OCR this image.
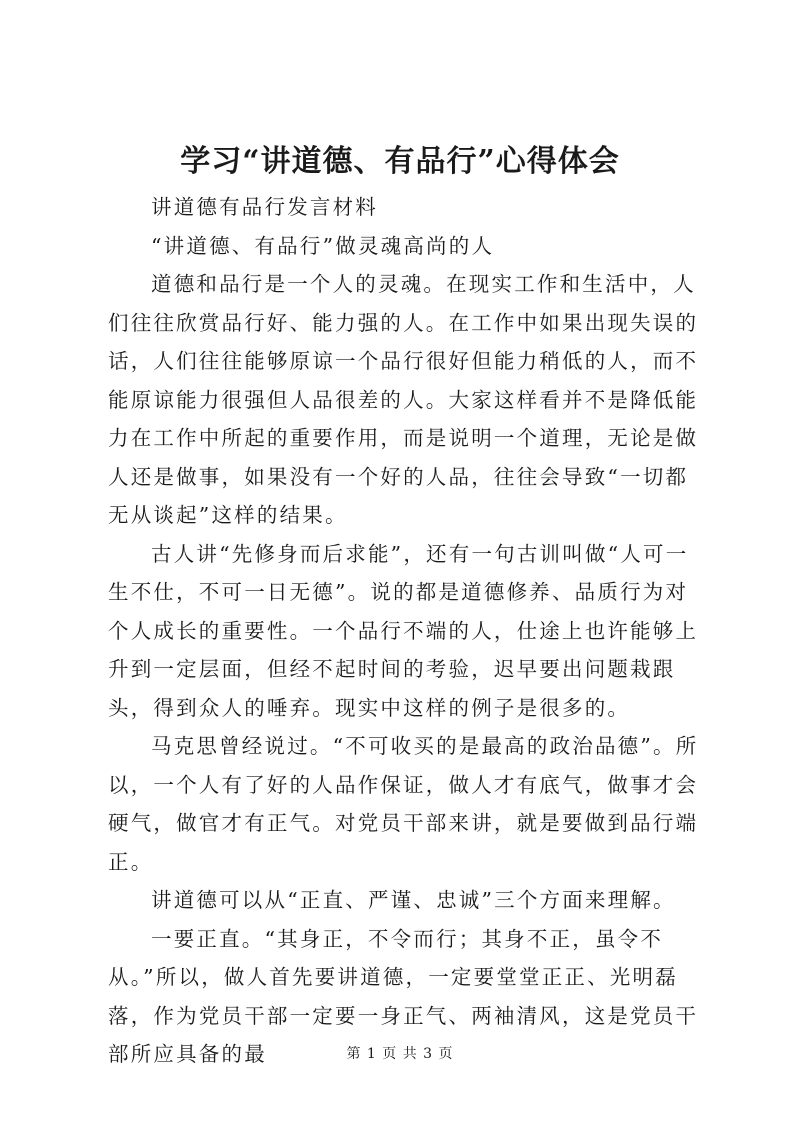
学习“讲道德、有品行”心得体会

讲道德有品行发言材料

“讲道德、有品行”做灵魂高尚的人

道德和品行是一个人的灵魂。在现实工作和生活中，人们往往欣赏品行好、能力强的人。在工作中如果出现失误的话，人们往往能够原谅一个品行很好但能力稍低的人，而不能原谅能力很强但人品很差的人。大家这样看并不是降低能力在工作中所起的重要作用，而是说明一个道理，无论是做人还是做事，如果没有一个好的人品，往往会导致“一切都无从谈起”这样的结果。

古人讲“先修身而后求能”，还有一句古训叫做“人可一生不仕，不可一日无德”。说的都是道德修养、品质行为对个人成长的重要性。一个品行不端的人，仕途上也许能够上升到一定层面，但经不起时间的考验，迟早要出问题栽跟头，得到众人的唾弃。现实中这样的例子是很多的。

马克思曾经说过。“不可收买的是最高的政治品德”。所以，一个人有了好的人品作保证，做人才有底气，做事才会硬气，做官才有正气。对党员干部来讲，就是要做到品行端正。

讲道德可以从“正直、严谨、忠诚”三个方面来理解。

一要正直。“其身正，不令而行；其身不正，虽令不从。”所以，做人首先要讲道德，一定要堂堂正正、光明磊落，作为党员干部一定要一身正气、两袖清风，这是党员干部所应具备的最	第 1 页 共 3 页
